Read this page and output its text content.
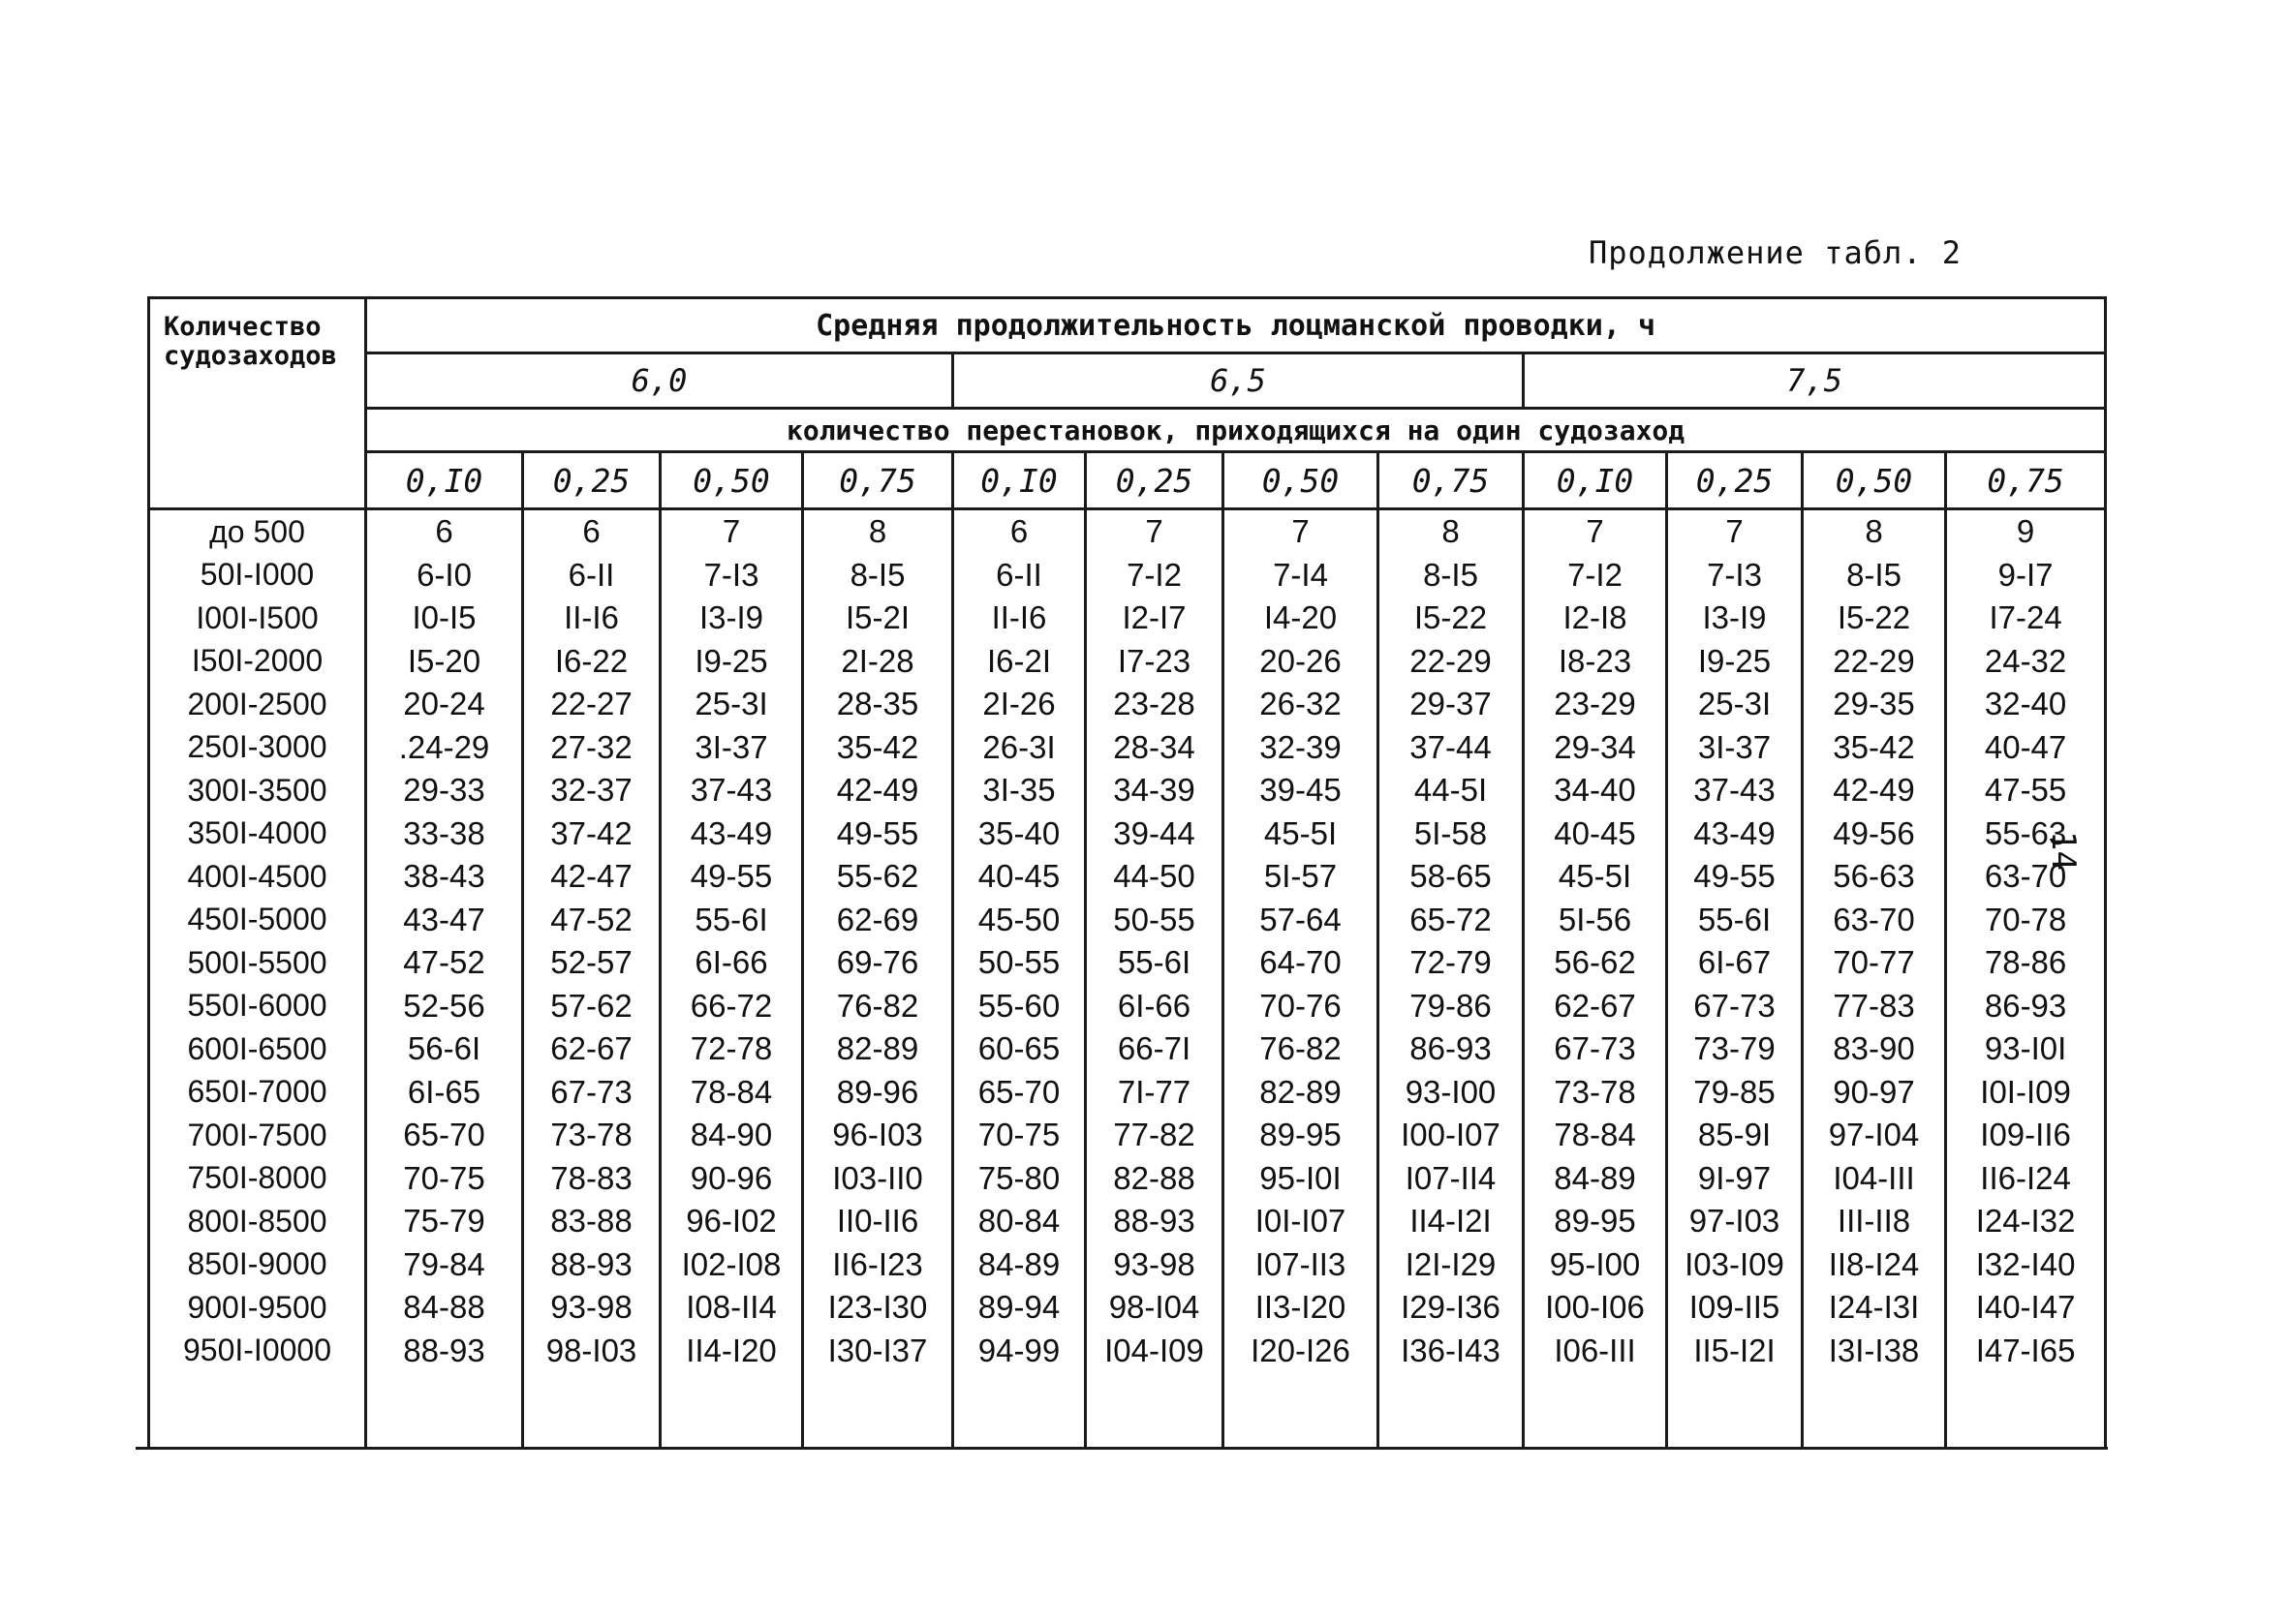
Продолжение табл. 2
14
Количество судозаходов	Средняя продолжительность лоцманской проводки, ч											
	6,0				6,5				7,5			
	количество перестановок, приходящихся на один судозаход											
	0,I0	0,25	0,50	0,75	0,I0	0,25	0,50	0,75	0,I0	0,25	0,50	0,75
до 500	6	6	7	8	6	7	7	8	7	7	8	9
50I-I000	6-I0	6-II	7-I3	8-I5	6-II	7-I2	7-I4	8-I5	7-I2	7-I3	8-I5	9-I7
I00I-I500	I0-I5	II-I6	I3-I9	I5-2I	II-I6	I2-I7	I4-20	I5-22	I2-I8	I3-I9	I5-22	I7-24
I50I-2000	I5-20	I6-22	I9-25	2I-28	I6-2I	I7-23	20-26	22-29	I8-23	I9-25	22-29	24-32
200I-2500	20-24	22-27	25-3I	28-35	2I-26	23-28	26-32	29-37	23-29	25-3I	29-35	32-40
250I-3000	.24-29	27-32	3I-37	35-42	26-3I	28-34	32-39	37-44	29-34	3I-37	35-42	40-47
300I-3500	29-33	32-37	37-43	42-49	3I-35	34-39	39-45	44-5I	34-40	37-43	42-49	47-55
350I-4000	33-38	37-42	43-49	49-55	35-40	39-44	45-5I	5I-58	40-45	43-49	49-56	55-63
400I-4500	38-43	42-47	49-55	55-62	40-45	44-50	5I-57	58-65	45-5I	49-55	56-63	63-70
450I-5000	43-47	47-52	55-6I	62-69	45-50	50-55	57-64	65-72	5I-56	55-6I	63-70	70-78
500I-5500	47-52	52-57	6I-66	69-76	50-55	55-6I	64-70	72-79	56-62	6I-67	70-77	78-86
550I-6000	52-56	57-62	66-72	76-82	55-60	6I-66	70-76	79-86	62-67	67-73	77-83	86-93
600I-6500	56-6I	62-67	72-78	82-89	60-65	66-7I	76-82	86-93	67-73	73-79	83-90	93-I0I
650I-7000	6I-65	67-73	78-84	89-96	65-70	7I-77	82-89	93-I00	73-78	79-85	90-97	I0I-I09
700I-7500	65-70	73-78	84-90	96-I03	70-75	77-82	89-95	I00-I07	78-84	85-9I	97-I04	I09-II6
750I-8000	70-75	78-83	90-96	I03-II0	75-80	82-88	95-I0I	I07-II4	84-89	9I-97	I04-III	II6-I24
800I-8500	75-79	83-88	96-I02	II0-II6	80-84	88-93	I0I-I07	II4-I2I	89-95	97-I03	III-II8	I24-I32
850I-9000	79-84	88-93	I02-I08	II6-I23	84-89	93-98	I07-II3	I2I-I29	95-I00	I03-I09	II8-I24	I32-I40
900I-9500	84-88	93-98	I08-II4	I23-I30	89-94	98-I04	II3-I20	I29-I36	I00-I06	I09-II5	I24-I3I	I40-I47
950I-I0000	88-93	98-I03	II4-I20	I30-I37	94-99	I04-I09	I20-I26	I36-I43	I06-III	II5-I2I	I3I-I38	I47-I65
